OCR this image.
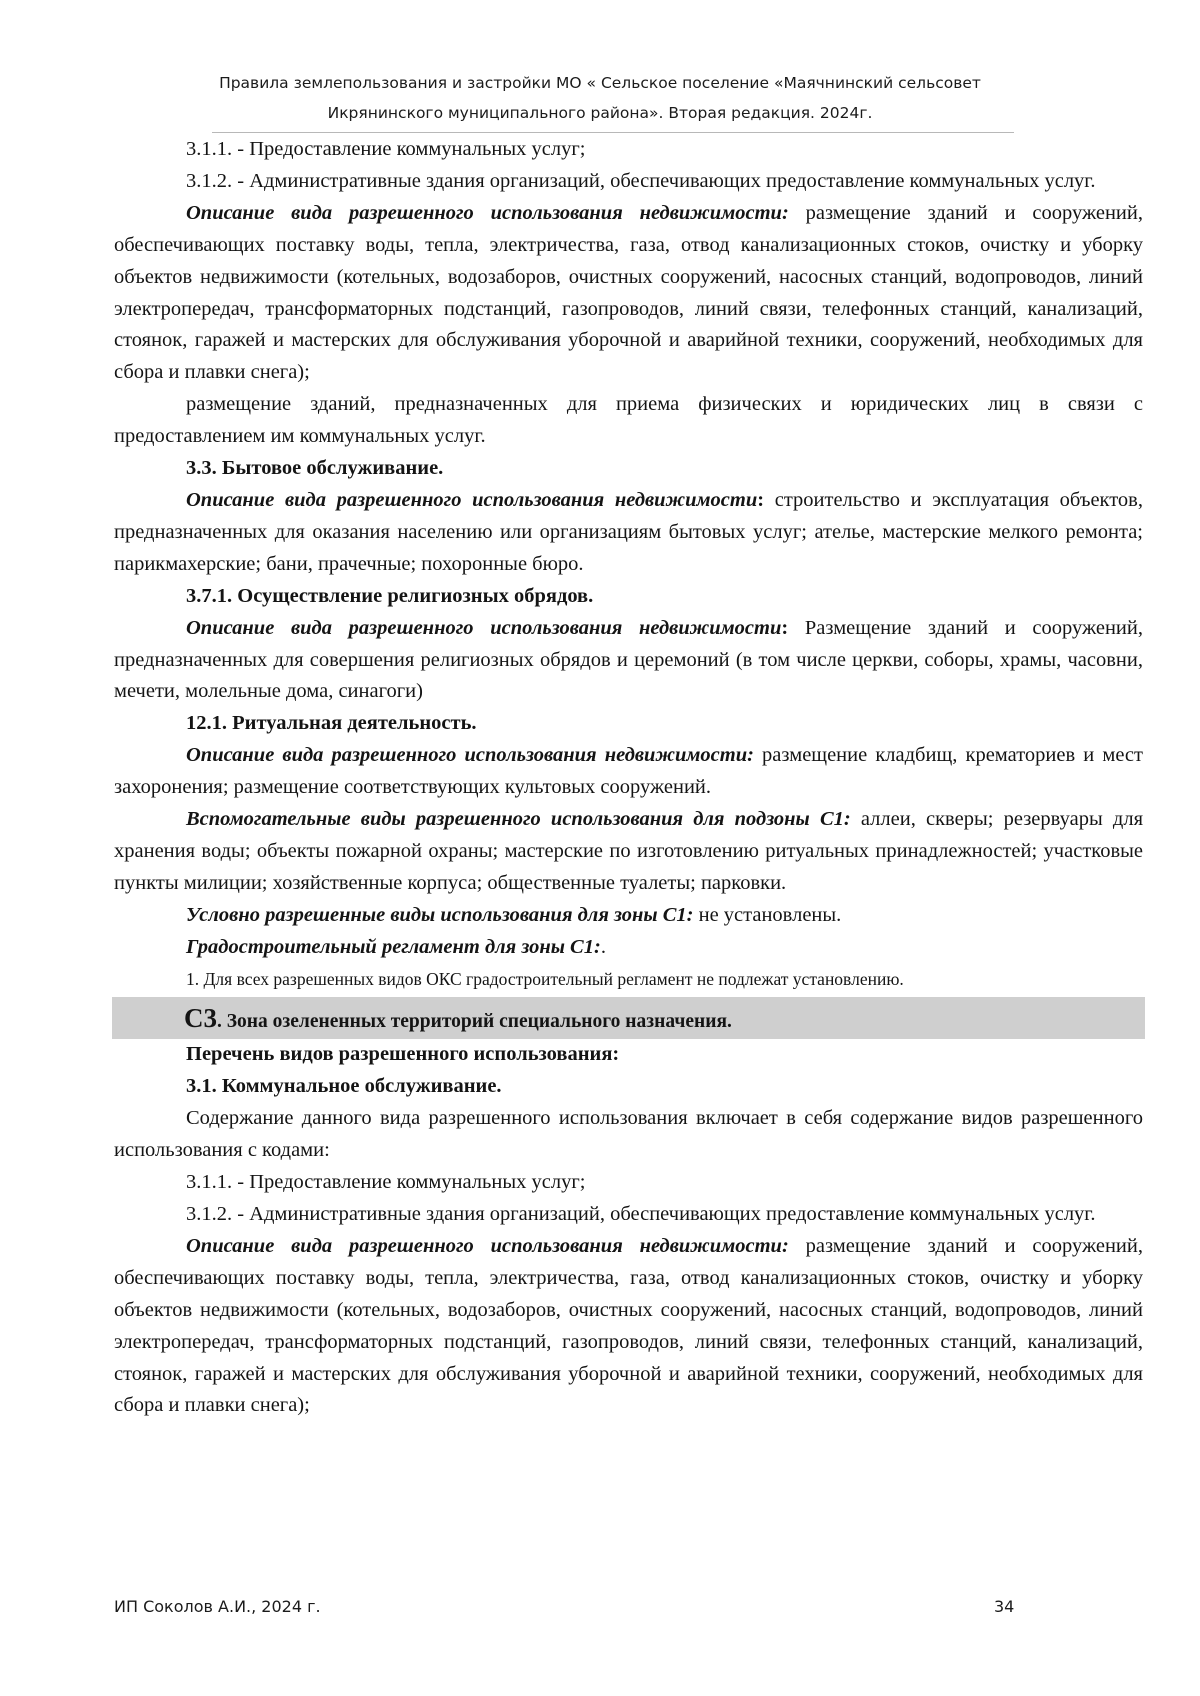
Правила землепользования и застройки МО « Сельское поселение «Маячнинский сельсовет
Икрянинского муниципального района». Вторая редакция. 2024г.

3.1.1. - Предоставление коммунальных услуг;

3.1.2. - Административные здания организаций, обеспечивающих предоставление коммунальных услуг.

Описание вида разрешенного использования недвижимости: размещение зданий и сооружений, обеспечивающих поставку воды, тепла, электричества, газа, отвод канализационных стоков, очистку и уборку объектов недвижимости (котельных, водозаборов, очистных сооружений, насосных станций, водопроводов, линий электропередач, трансформаторных подстанций, газопроводов, линий связи, телефонных станций, канализаций, стоянок, гаражей и мастерских для обслуживания уборочной и аварийной техники, сооружений, необходимых для сбора и плавки снега);

размещение зданий, предназначенных для приема физических и юридических лиц в связи с предоставлением им коммунальных услуг.

3.3. Бытовое обслуживание.

Описание вида разрешенного использования недвижимости: строительство и эксплуатация объектов, предназначенных для оказания населению или организациям бытовых услуг; ателье, мастерские мелкого ремонта; парикмахерские; бани, прачечные; похоронные бюро.

3.7.1. Осуществление религиозных обрядов.

Описание вида разрешенного использования недвижимости: Размещение зданий и сооружений, предназначенных для совершения религиозных обрядов и церемоний (в том числе церкви, соборы, храмы, часовни, мечети, молельные дома, синагоги)

12.1. Ритуальная деятельность.

Описание вида разрешенного использования недвижимости: размещение кладбищ, крематориев и мест захоронения; размещение соответствующих культовых сооружений.

Вспомогательные виды разрешенного использования для подзоны С1: аллеи, скверы; резервуары для хранения воды; объекты пожарной охраны; мастерские по изготовлению ритуальных принадлежностей; участковые пункты милиции; хозяйственные корпуса; общественные туалеты; парковки.

Условно разрешенные виды использования для зоны С1: не установлены.

Градостроительный регламент для зоны С1:.

1. Для всех разрешенных видов ОКС градостроительный регламент не подлежат установлению.

С3. Зона озелененных территорий специального назначения.

Перечень видов разрешенного использования:

3.1. Коммунальное обслуживание.

Содержание данного вида разрешенного использования включает в себя содержание видов разрешенного использования с кодами:

3.1.1. - Предоставление коммунальных услуг;

3.1.2. - Административные здания организаций, обеспечивающих предоставление коммунальных услуг.

Описание вида разрешенного использования недвижимости: размещение зданий и сооружений, обеспечивающих поставку воды, тепла, электричества, газа, отвод канализационных стоков, очистку и уборку объектов недвижимости (котельных, водозаборов, очистных сооружений, насосных станций, водопроводов, линий электропередач, трансформаторных подстанций, газопроводов, линий связи, телефонных станций, канализаций, стоянок, гаражей и мастерских для обслуживания уборочной и аварийной техники, сооружений, необходимых для сбора и плавки снега);

ИП Соколов А.И., 2024 г.	34
